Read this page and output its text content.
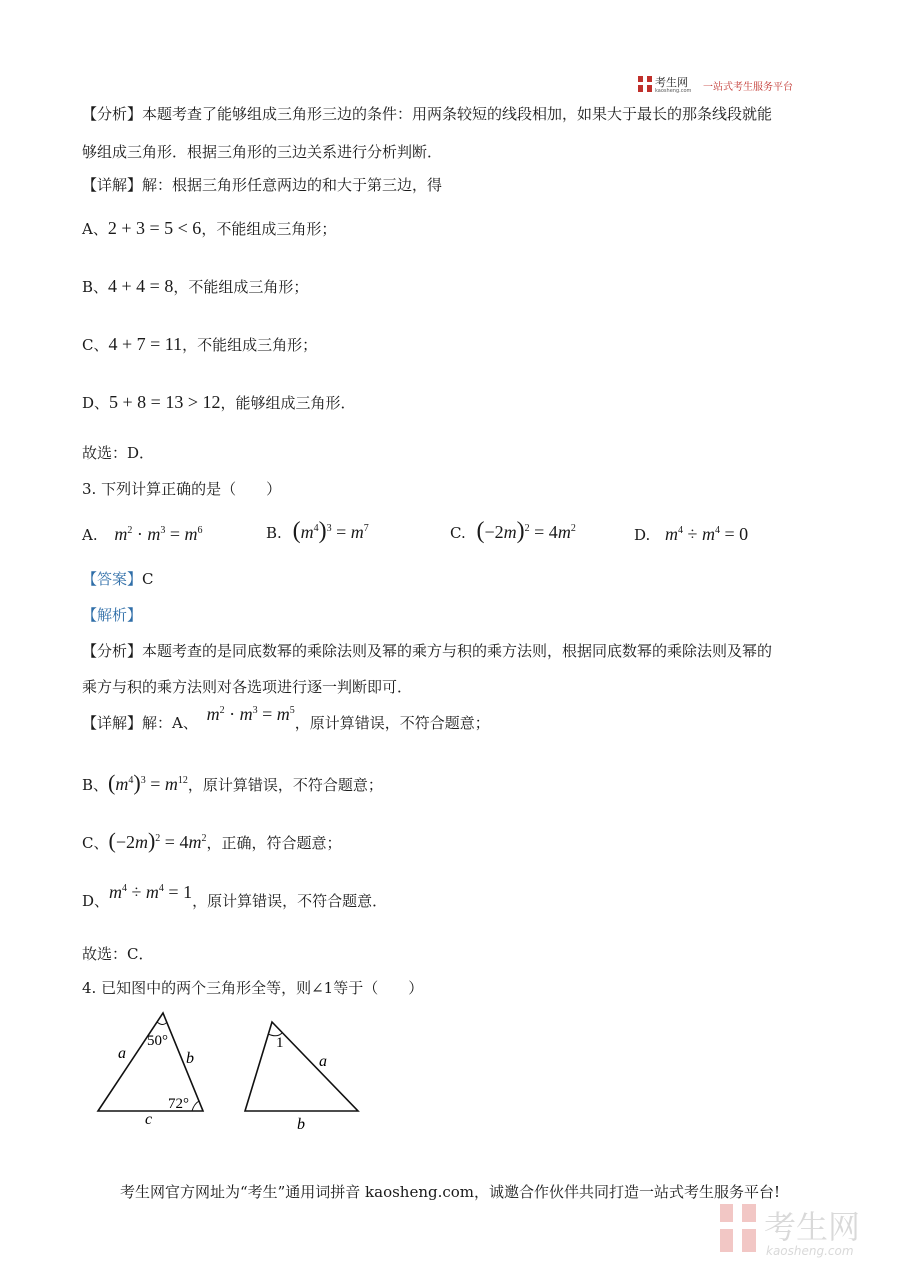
考生网
kaosheng.com 一站式考生服务平台
【分析】本题考查了能够组成三角形三边的条件：用两条较短的线段相加，如果大于最长的那条线段就能
够组成三角形．根据三角形的三边关系进行分析判断．
【详解】解：根据三角形任意两边的和大于第三边，得
A、2 + 3 = 5 < 6，不能组成三角形；
B、4 + 4 = 8，不能组成三角形；
C、4 + 7 = 11，不能组成三角形；
D、5 + 8 = 13 > 12，能够组成三角形．
故选：D．
3. 下列计算正确的是（　　）
A. $m^2 \cdot m^3 = m^6$	B. $(m^4)^3 = m^7$	C. $(-2m)^2 = 4m^2$	D. $m^4 \div m^4 = 0$
【答案】C
【解析】
【分析】本题考查的是同底数幂的乘除法则及幂的乘方与积的乘方法则，根据同底数幂的乘除法则及幂的
乘方与积的乘方法则对各选项进行逐一判断即可．
【详解】解：A、 $m^2 \cdot m^3 = m^5$，原计算错误，不符合题意；
B、$(m^4)^3 = m^{12}$，原计算错误，不符合题意；
C、$(-2m)^2 = 4m^2$，正确，符合题意；
D、$m^4 \div m^4 = 1$，原计算错误，不符合题意．
故选：C．
4. 已知图中的两个三角形全等，则∠1等于（　　）
50°
72°
a	b
c
1
a
b
考生网官方网址为“考生”通用词拼音 kaosheng.com，诚邀合作伙伴共同打造一站式考生服务平台!
考生网
kaosheng.com
